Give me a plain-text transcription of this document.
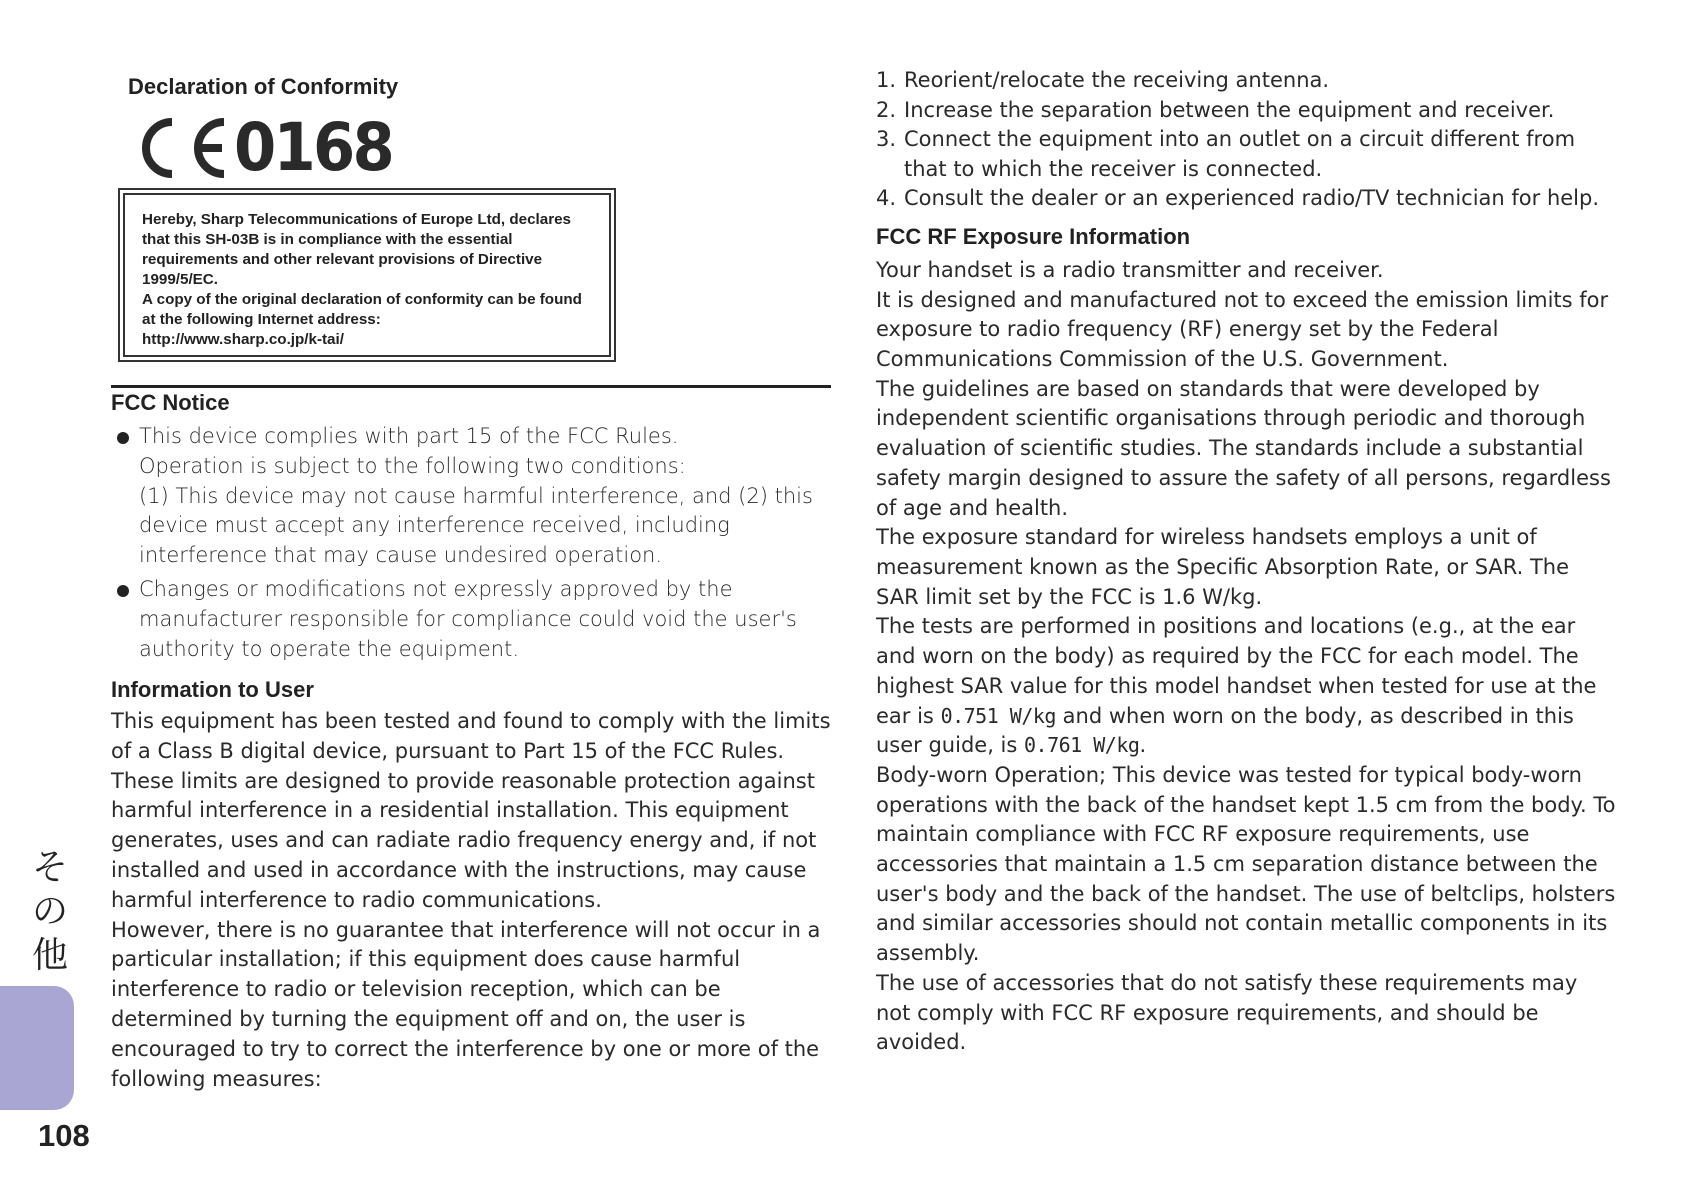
Declaration of Conformity
0168

Hereby, Sharp Telecommunications of Europe Ltd, declares

that this SH-03B is in compliance with the essential

requirements and other relevant provisions of Directive

1999/5/EC.

A copy of the original declaration of conformity can be found

at the following Internet address:

http://www.sharp.co.jp/k-tai/

FCC Notice

This device complies with part 15 of the FCC Rules.

Operation is subject to the following two conditions:

(1) This device may not cause harmful interference, and (2) this device must accept any interference received, including interference that may cause undesired operation.

Changes or modifications not expressly approved by the manufacturer responsible for compliance could void the user's authority to operate the equipment.

Information to User

This equipment has been tested and found to comply with the limits of a Class B digital device, pursuant to Part 15 of the FCC Rules. These limits are designed to provide reasonable protection against harmful interference in a residential installation. This equipment generates, uses and can radiate radio frequency energy and, if not installed and used in accordance with the instructions, may cause harmful interference to radio communications.

However, there is no guarantee that interference will not occur in a particular installation; if this equipment does cause harmful interference to radio or television reception, which can be determined by turning the equipment off and on, the user is encouraged to try to correct the interference by one or more of the following measures:

1. Reorient/relocate the receiving antenna.
2. Increase the separation between the equipment and receiver.
3. Connect the equipment into an outlet on a circuit different from that to which the receiver is connected.
4. Consult the dealer or an experienced radio/TV technician for help.
FCC RF Exposure Information

Your handset is a radio transmitter and receiver.

It is designed and manufactured not to exceed the emission limits for exposure to radio frequency (RF) energy set by the Federal Communications Commission of the U.S. Government.

The guidelines are based on standards that were developed by independent scientific organisations through periodic and thorough evaluation of scientific studies. The standards include a substantial safety margin designed to assure the safety of all persons, regardless of age and health.

The exposure standard for wireless handsets employs a unit of measurement known as the Specific Absorption Rate, or SAR. The SAR limit set by the FCC is 1.6 W/kg.

The tests are performed in positions and locations (e.g., at the ear and worn on the body) as required by the FCC for each model. The highest SAR value for this model handset when tested for use at the ear is 0.751 W/kg and when worn on the body, as described in this user guide, is 0.761 W/kg.

Body-worn Operation; This device was tested for typical body-worn operations with the back of the handset kept 1.5 cm from the body. To maintain compliance with FCC RF exposure requirements, use accessories that maintain a 1.5 cm separation distance between the user's body and the back of the handset. The use of beltclips, holsters and similar accessories should not contain metallic components in its assembly.

The use of accessories that do not satisfy these requirements may not comply with FCC RF exposure requirements, and should be avoided.

そ
の
他
108
